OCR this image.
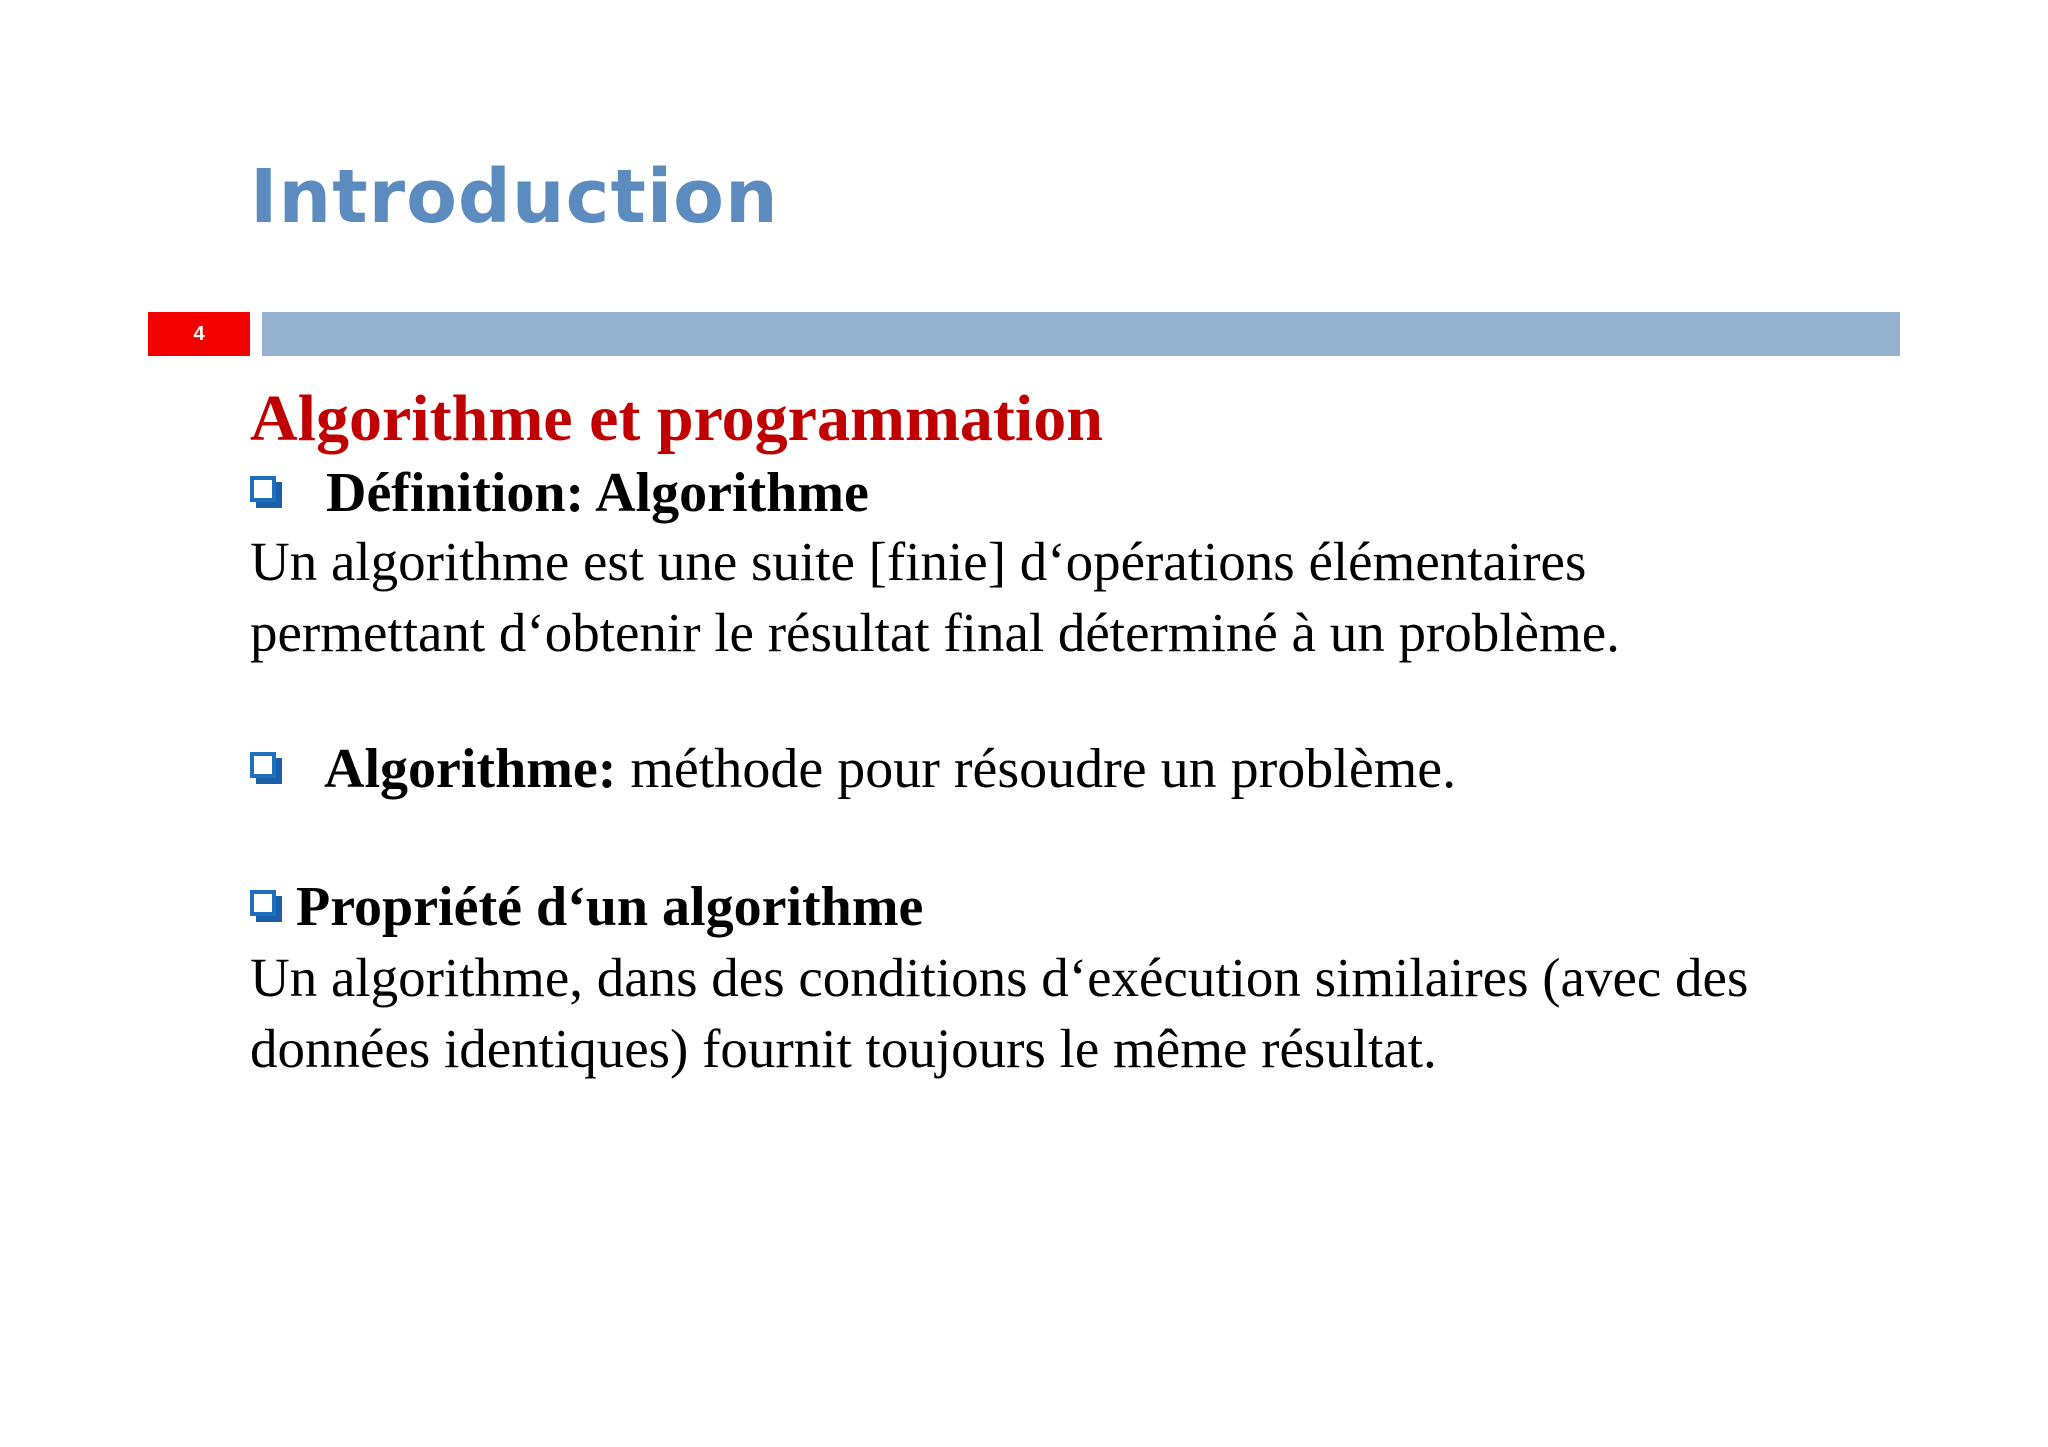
Introduction
4
Algorithme et programmation
Définition: Algorithme
Un algorithme est une suite [finie] d‘opérations élémentaires
permettant d‘obtenir le résultat final déterminé à un problème.
Algorithme: méthode pour résoudre un problème.
Propriété d‘un algorithme
Un algorithme, dans des conditions d‘exécution similaires (avec des
données identiques) fournit toujours le même résultat.
